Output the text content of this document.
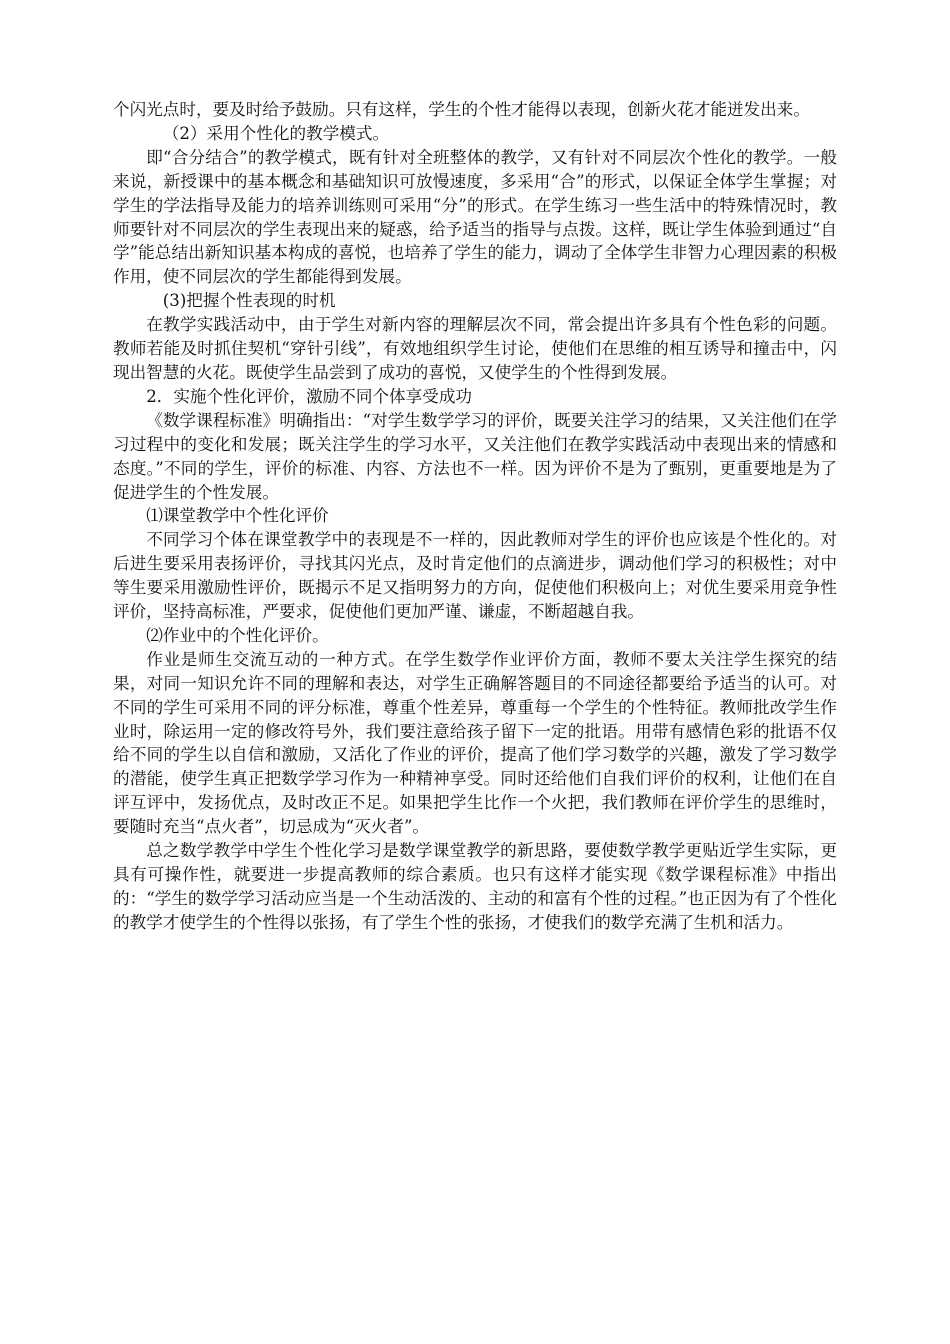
个闪光点时，要及时给予鼓励。只有这样，学生的个性才能得以表现，创新火花才能迸发出来。

（2）采用个性化的教学模式。

即“合分结合”的教学模式，既有针对全班整体的教学，又有针对不同层次个性化的教学。一般来说，新授课中的基本概念和基础知识可放慢速度，多采用“合”的形式，以保证全体学生掌握；对学生的学法指导及能力的培养训练则可采用“分”的形式。在学生练习一些生活中的特殊情况时，教师要针对不同层次的学生表现出来的疑惑，给予适当的指导与点拨。这样，既让学生体验到通过“自学”能总结出新知识基本构成的喜悦，也培养了学生的能力，调动了全体学生非智力心理因素的积极作用，使不同层次的学生都能得到发展。

(3)把握个性表现的时机

在教学实践活动中，由于学生对新内容的理解层次不同，常会提出许多具有个性色彩的问题。教师若能及时抓住契机“穿针引线”，有效地组织学生讨论，使他们在思维的相互诱导和撞击中，闪现出智慧的火花。既使学生品尝到了成功的喜悦，又使学生的个性得到发展。

2．实施个性化评价，激励不同个体享受成功

《数学课程标准》明确指出：“对学生数学学习的评价，既要关注学习的结果，又关注他们在学习过程中的变化和发展；既关注学生的学习水平，又关注他们在教学实践活动中表现出来的情感和态度。”不同的学生，评价的标准、内容、方法也不一样。因为评价不是为了甄别，更重要地是为了促进学生的个性发展。

⑴课堂教学中个性化评价

不同学习个体在课堂教学中的表现是不一样的，因此教师对学生的评价也应该是个性化的。对后进生要采用表扬评价，寻找其闪光点，及时肯定他们的点滴进步，调动他们学习的积极性；对中等生要采用激励性评价，既揭示不足又指明努力的方向，促使他们积极向上；对优生要采用竞争性评价，坚持高标准，严要求，促使他们更加严谨、谦虚，不断超越自我。

⑵作业中的个性化评价。

作业是师生交流互动的一种方式。在学生数学作业评价方面，教师不要太关注学生探究的结果，对同一知识允许不同的理解和表达，对学生正确解答题目的不同途径都要给予适当的认可。对不同的学生可采用不同的评分标准，尊重个性差异，尊重每一个学生的个性特征。教师批改学生作业时，除运用一定的修改符号外，我们要注意给孩子留下一定的批语。用带有感情色彩的批语不仅给不同的学生以自信和激励，又活化了作业的评价，提高了他们学习数学的兴趣，激发了学习数学的潜能，使学生真正把数学学习作为一种精神享受。同时还给他们自我们评价的权利，让他们在自评互评中，发扬优点，及时改正不足。如果把学生比作一个火把，我们教师在评价学生的思维时，要随时充当“点火者”，切忌成为“灭火者”。

总之数学教学中学生个性化学习是数学课堂教学的新思路，要使数学教学更贴近学生实际，更具有可操作性，就要进一步提高教师的综合素质。也只有这样才能实现《数学课程标准》中指出的：“学生的数学学习活动应当是一个生动活泼的、主动的和富有个性的过程。”也正因为有了个性化的教学才使学生的个性得以张扬，有了学生个性的张扬，才使我们的数学充满了生机和活力。
